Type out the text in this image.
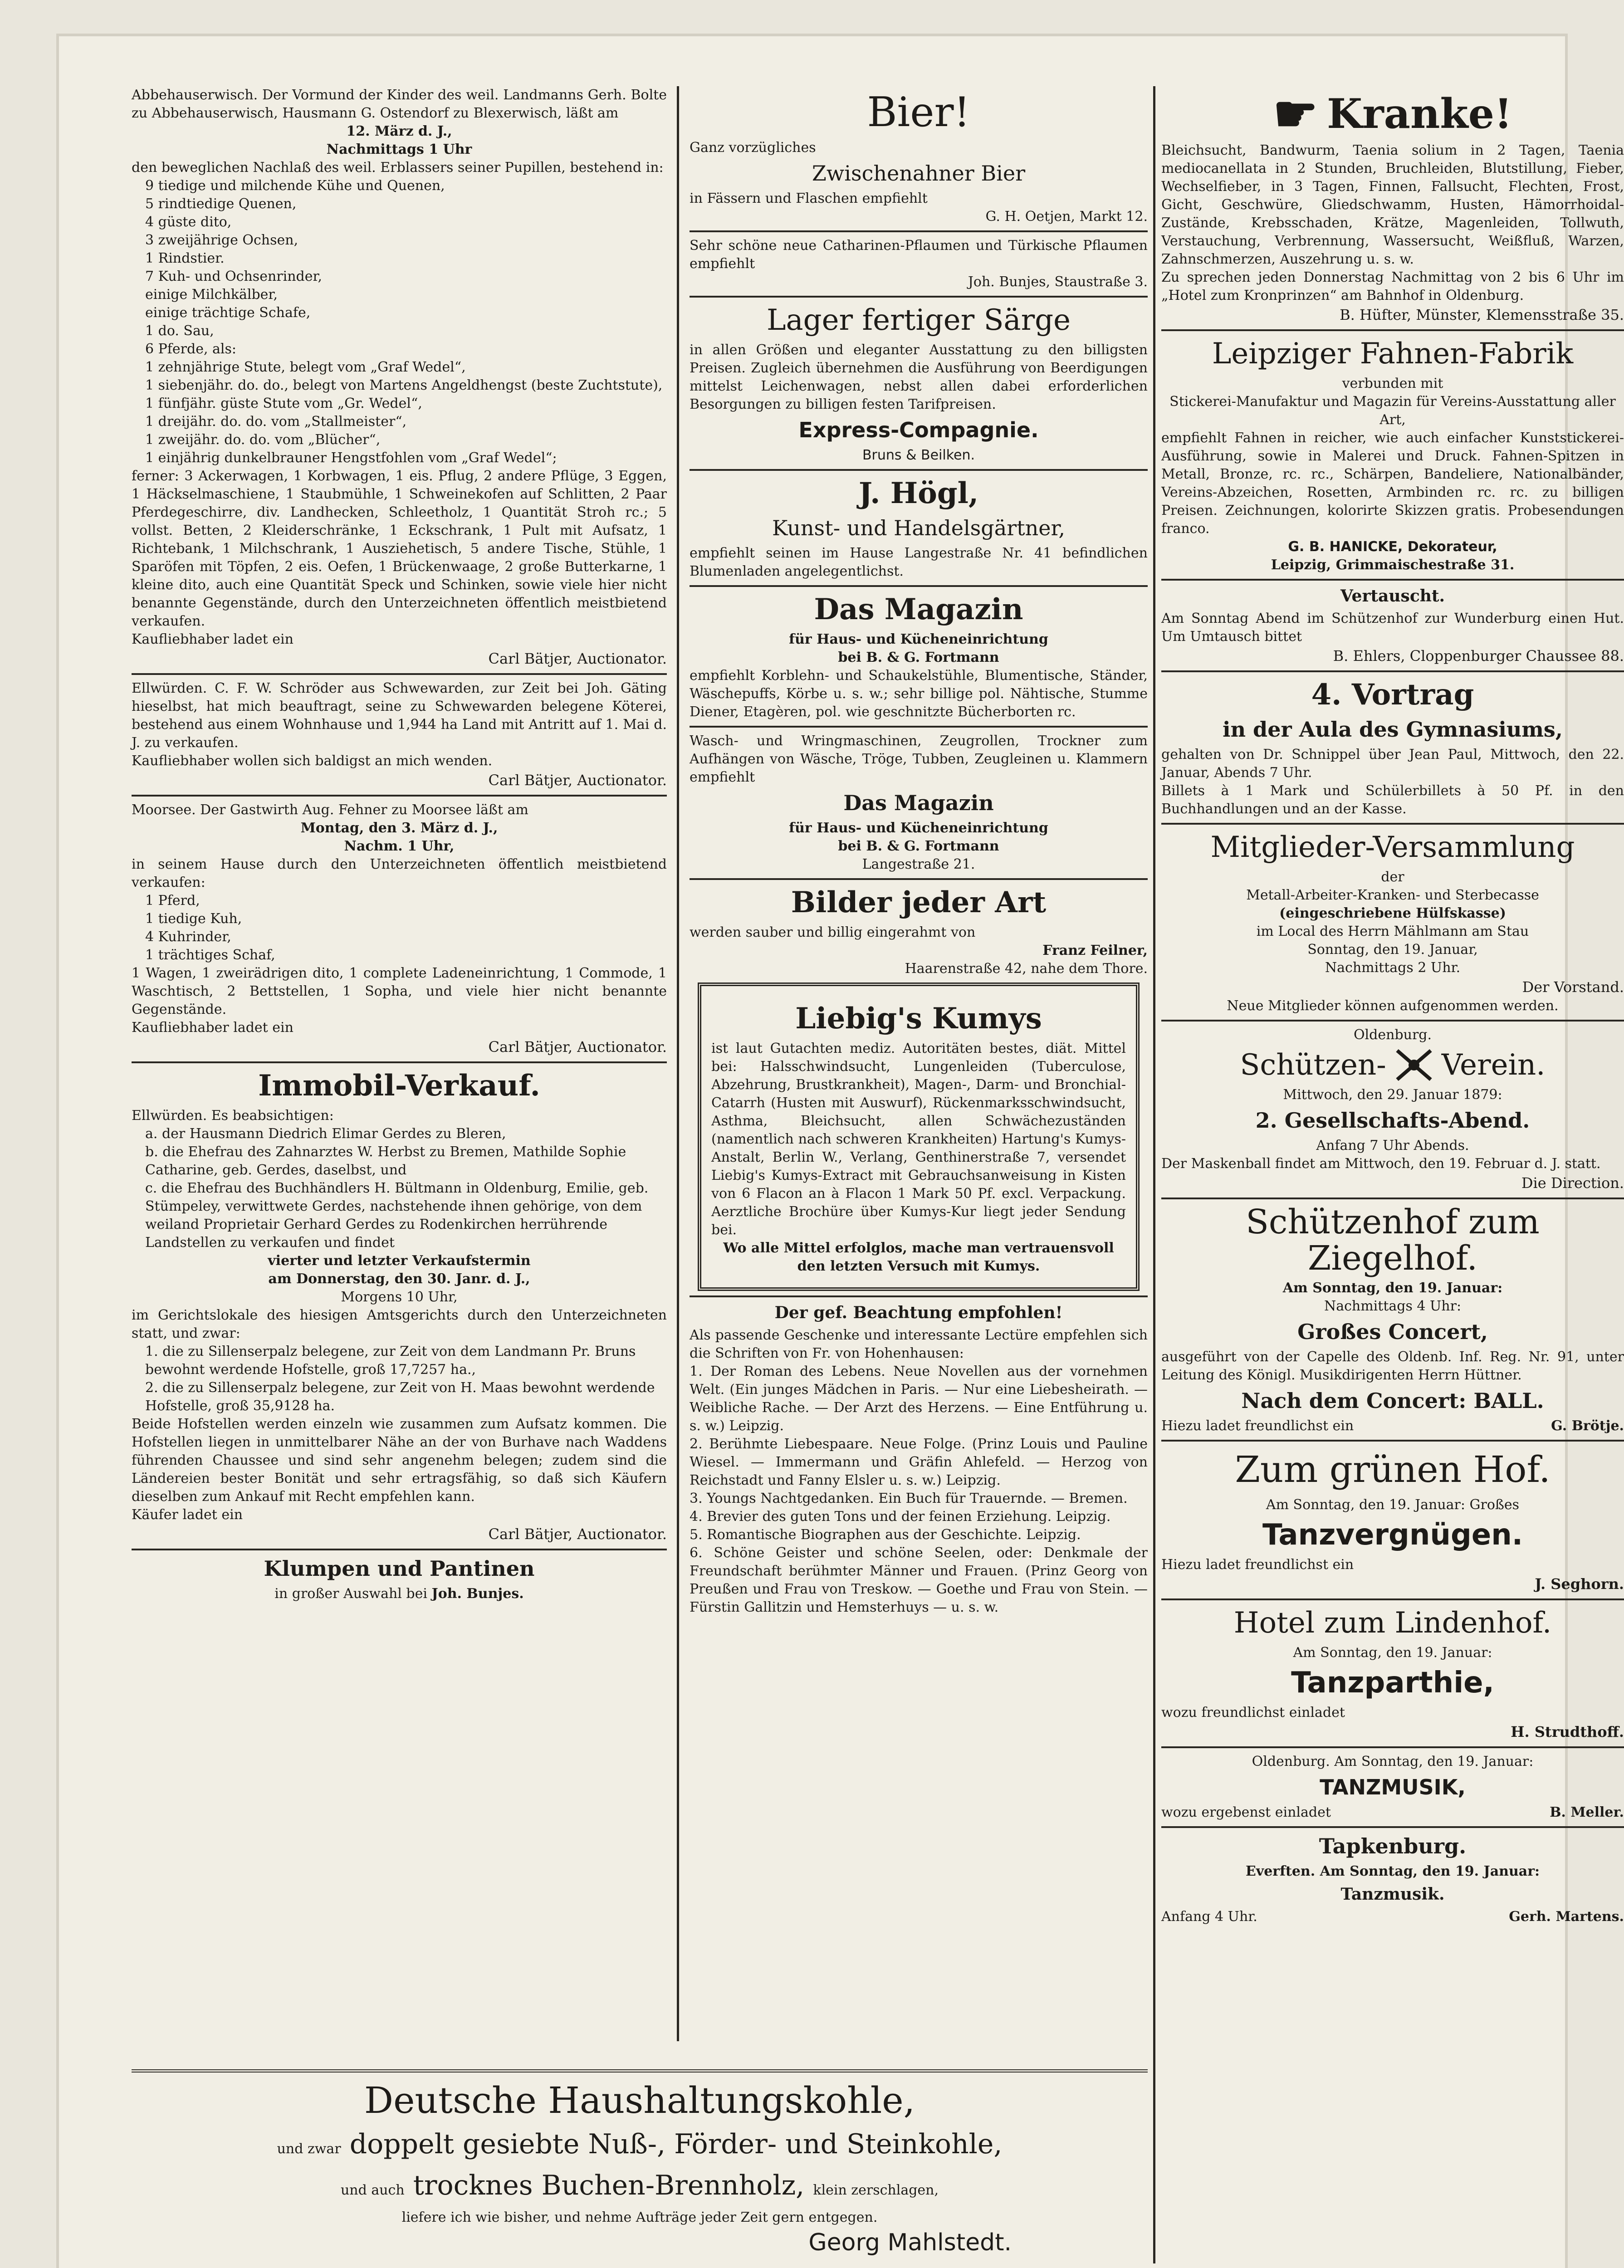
Abbehauserwisch. Der Vormund der Kinder des weil. Landmanns Gerh. Bolte zu Abbehauserwisch, Hausmann G. Ostendorf zu Blexerwisch, läßt am

12. März d. J.,

Nachmittags 1 Uhr

den beweglichen Nachlaß des weil. Erblassers seiner Pupillen, bestehend in:

9 tiedige und milchende Kühe und Quenen,

5 rindtiedige Quenen,

4 güste dito,

3 zweijährige Ochsen,

1 Rindstier.

7 Kuh- und Ochsenrinder,

einige Milchkälber,

einige trächtige Schafe,

1 do. Sau,

6 Pferde, als:

1 zehnjährige Stute, belegt vom „Graf Wedel“,

1 siebenjähr. do. do., belegt von Martens Angeldhengst (beste Zuchtstute),

1 fünfjähr. güste Stute vom „Gr. Wedel“,

1 dreijähr. do. do. vom „Stallmeister“,

1 zweijähr. do. do. vom „Blücher“,

1 einjährig dunkelbrauner Hengstfohlen vom „Graf Wedel“;

ferner: 3 Ackerwagen, 1 Korbwagen, 1 eis. Pflug, 2 andere Pflüge, 3 Eggen, 1 Häckselmaschiene, 1 Staubmühle, 1 Schweinekofen auf Schlitten, 2 Paar Pferdegeschirre, div. Landhecken, Schleetholz, 1 Quantität Stroh rc.; 5 vollst. Betten, 2 Kleiderschränke, 1 Eckschrank, 1 Pult mit Aufsatz, 1 Richtebank, 1 Milchschrank, 1 Ausziehetisch, 5 andere Tische, Stühle, 1 Sparöfen mit Töpfen, 2 eis. Oefen, 1 Brückenwaage, 2 große Butterkarne, 1 kleine dito, auch eine Quantität Speck und Schinken, sowie viele hier nicht benannte Gegenstände, durch den Unterzeichneten öffentlich meistbietend verkaufen.

Kaufliebhaber ladet ein

Carl Bätjer, Auctionator.

Ellwürden. C. F. W. Schröder aus Schwewarden, zur Zeit bei Joh. Gäting hieselbst, hat mich beauftragt, seine zu Schwewarden belegene Köterei, bestehend aus einem Wohnhause und 1,944 ha Land mit Antritt auf 1. Mai d. J. zu verkaufen.

Kaufliebhaber wollen sich baldigst an mich wenden.

Carl Bätjer, Auctionator.

Moorsee. Der Gastwirth Aug. Fehner zu Moorsee läßt am

Montag, den 3. März d. J.,

Nachm. 1 Uhr,

in seinem Hause durch den Unterzeichneten öffentlich meistbietend verkaufen:

1 Pferd,

1 tiedige Kuh,

4 Kuhrinder,

1 trächtiges Schaf,

1 Wagen, 1 zweirädrigen dito, 1 complete Ladeneinrichtung, 1 Commode, 1 Waschtisch, 2 Bettstellen, 1 Sopha, und viele hier nicht benannte Gegenstände.

Kaufliebhaber ladet ein

Carl Bätjer, Auctionator.

Immobil-Verkauf.

Ellwürden. Es beabsichtigen:

a. der Hausmann Diedrich Elimar Gerdes zu Bleren,

b. die Ehefrau des Zahnarztes W. Herbst zu Bremen, Mathilde Sophie Catharine, geb. Gerdes, daselbst, und

c. die Ehefrau des Buchhändlers H. Bültmann in Oldenburg, Emilie, geb. Stümpeley, verwittwete Gerdes, nachstehende ihnen gehörige, von dem weiland Proprietair Gerhard Gerdes zu Rodenkirchen herrührende Landstellen zu verkaufen und findet

vierter und letzter Verkaufstermin

am Donnerstag, den 30. Janr. d. J.,

Morgens 10 Uhr,

im Gerichtslokale des hiesigen Amtsgerichts durch den Unterzeichneten statt, und zwar:

1. die zu Sillenserpalz belegene, zur Zeit von dem Landmann Pr. Bruns bewohnt werdende Hofstelle, groß 17,7257 ha.,

2. die zu Sillenserpalz belegene, zur Zeit von H. Maas bewohnt werdende Hofstelle, groß 35,9128 ha.

Beide Hofstellen werden einzeln wie zusammen zum Aufsatz kommen. Die Hofstellen liegen in unmittelbarer Nähe an der von Burhave nach Waddens führenden Chaussee und sind sehr angenehm belegen; zudem sind die Ländereien bester Bonität und sehr ertragsfähig, so daß sich Käufern dieselben zum Ankauf mit Recht empfehlen kann.

Käufer ladet ein

Carl Bätjer, Auctionator.

Klumpen und Pantinen

in großer Auswahl bei Joh. Bunjes.

Bier!

Ganz vorzügliches

Zwischenahner Bier

in Fässern und Flaschen empfiehlt

G. H. Oetjen, Markt 12.

Sehr schöne neue Catharinen-Pflaumen und Türkische Pflaumen empfiehlt

Joh. Bunjes, Staustraße 3.

Lager fertiger Särge

in allen Größen und eleganter Ausstattung zu den billigsten Preisen. Zugleich übernehmen die Ausführung von Beerdigungen mittelst Leichenwagen, nebst allen dabei erforderlichen Besorgungen zu billigen festen Tarifpreisen.

Express-Compagnie.

Bruns & Beilken.

J. Högl,
Kunst- und Handelsgärtner,

empfiehlt seinen im Hause Langestraße Nr. 41 befindlichen Blumenladen angelegentlichst.

Das Magazin

für Haus- und Kücheneinrichtung

bei B. & G. Fortmann

empfiehlt Korblehn- und Schaukelstühle, Blumentische, Ständer, Wäschepuffs, Körbe u. s. w.; sehr billige pol. Nähtische, Stumme Diener, Etagèren, pol. wie geschnitzte Bücherborten rc.

Wasch- und Wringmaschinen, Zeugrollen, Trockner zum Aufhängen von Wäsche, Tröge, Tubben, Zeugleinen u. Klammern empfiehlt

Das Magazin

für Haus- und Kücheneinrichtung

bei B. & G. Fortmann

Langestraße 21.

Bilder jeder Art

werden sauber und billig eingerahmt von

Franz Feilner,

Haarenstraße 42, nahe dem Thore.

Liebig's Kumys

ist laut Gutachten mediz. Autoritäten bestes, diät. Mittel bei: Halsschwindsucht, Lungenleiden (Tuberculose, Abzehrung, Brustkrankheit), Magen-, Darm- und Bronchial-Catarrh (Husten mit Auswurf), Rückenmarksschwindsucht, Asthma, Bleichsucht, allen Schwächezuständen (namentlich nach schweren Krankheiten) Hartung's Kumys-Anstalt, Berlin W., Verlang, Genthinerstraße 7, versendet Liebig's Kumys-Extract mit Gebrauchsanweisung in Kisten von 6 Flacon an à Flacon 1 Mark 50 Pf. excl. Verpackung. Aerztliche Brochüre über Kumys-Kur liegt jeder Sendung bei.

Wo alle Mittel erfolglos, mache man vertrauensvoll den letzten Versuch mit Kumys.

Der gef. Beachtung empfohlen!

Als passende Geschenke und interessante Lectüre empfehlen sich die Schriften von Fr. von Hohenhausen:

1. Der Roman des Lebens. Neue Novellen aus der vornehmen Welt. (Ein junges Mädchen in Paris. — Nur eine Liebesheirath. — Weibliche Rache. — Der Arzt des Herzens. — Eine Entführung u. s. w.) Leipzig.

2. Berühmte Liebespaare. Neue Folge. (Prinz Louis und Pauline Wiesel. — Immermann und Gräfin Ahlefeld. — Herzog von Reichstadt und Fanny Elsler u. s. w.) Leipzig.

3. Youngs Nachtgedanken. Ein Buch für Trauernde. — Bremen.

4. Brevier des guten Tons und der feinen Erziehung. Leipzig.

5. Romantische Biographen aus der Geschichte. Leipzig.

6. Schöne Geister und schöne Seelen, oder: Denkmale der Freundschaft berühmter Männer und Frauen. (Prinz Georg von Preußen und Frau von Treskow. — Goethe und Frau von Stein. — Fürstin Gallitzin und Hemsterhuys — u. s. w.

☛ Kranke!

Bleichsucht, Bandwurm, Taenia solium in 2 Tagen, Taenia mediocanellata in 2 Stunden, Bruchleiden, Blutstillung, Fieber, Wechselfieber, in 3 Tagen, Finnen, Fallsucht, Flechten, Frost, Gicht, Geschwüre, Gliedschwamm, Husten, Hämorrhoidal-Zustände, Krebsschaden, Krätze, Magenleiden, Tollwuth, Verstauchung, Verbrennung, Wassersucht, Weißfluß, Warzen, Zahnschmerzen, Auszehrung u. s. w.

Zu sprechen jeden Donnerstag Nachmittag von 2 bis 6 Uhr im „Hotel zum Kronprinzen“ am Bahnhof in Oldenburg.

B. Hüfter, Münster, Klemensstraße 35.

Leipziger Fahnen-Fabrik

verbunden mit

Stickerei-Manufaktur und Magazin für Vereins-Ausstattung aller Art,

empfiehlt Fahnen in reicher, wie auch einfacher Kunststickerei-Ausführung, sowie in Malerei und Druck. Fahnen-Spitzen in Metall, Bronze, rc. rc., Schärpen, Bandeliere, Nationalbänder, Vereins-Abzeichen, Rosetten, Armbinden rc. rc. zu billigen Preisen. Zeichnungen, kolorirte Skizzen gratis. Probesendungen franco.

G. B. HANICKE, Dekorateur,

Leipzig, Grimmaischestraße 31.

Vertauscht.

Am Sonntag Abend im Schützenhof zur Wunderburg einen Hut. Um Umtausch bittet

B. Ehlers, Cloppenburger Chaussee 88.

4. Vortrag
in der Aula des Gymnasiums,

gehalten von Dr. Schnippel über Jean Paul, Mittwoch, den 22. Januar, Abends 7 Uhr.

Billets à 1 Mark und Schülerbillets à 50 Pf. in den Buchhandlungen und an der Kasse.

Mitglieder-Versammlung

der

Metall-Arbeiter-Kranken- und Sterbecasse

(eingeschriebene Hülfskasse)

im Local des Herrn Mählmann am Stau

Sonntag, den 19. Januar,

Nachmittags 2 Uhr.

Der Vorstand.

Neue Mitglieder können aufgenommen werden.

Oldenburg.

Schützen- Verein.

Mittwoch, den 29. Januar 1879:

2. Gesellschafts-Abend.

Anfang 7 Uhr Abends.

Der Maskenball findet am Mittwoch, den 19. Februar d. J. statt.

Die Direction.

Schützenhof zum Ziegelhof.

Am Sonntag, den 19. Januar:

Nachmittags 4 Uhr:

Großes Concert,

ausgeführt von der Capelle des Oldenb. Inf. Reg. Nr. 91, unter Leitung des Königl. Musikdirigenten Herrn Hüttner.

Nach dem Concert: BALL.

Hiezu ladet freundlichst ein	G. Brötje.

Zum grünen Hof.

Am Sonntag, den 19. Januar: Großes

Tanzvergnügen.

Hiezu ladet freundlichst ein

J. Seghorn.

Hotel zum Lindenhof.

Am Sonntag, den 19. Januar:

Tanzparthie,

wozu freundlichst einladet

H. Strudthoff.

Oldenburg. Am Sonntag, den 19. Januar:

TANZMUSIK,

wozu ergebenst einladet	B. Meller.

Tapkenburg.

Everften. Am Sonntag, den 19. Januar:

Tanzmusik.

Anfang 4 Uhr.	Gerh. Martens.

Deutsche Haushaltungskohle,

und zwar doppelt gesiebte Nuß-, Förder- und Steinkohle,

und auch trocknes Buchen-Brennholz, klein zerschlagen,

liefere ich wie bisher, und nehme Aufträge jeder Zeit gern entgegen.

Georg Mahlstedt.
